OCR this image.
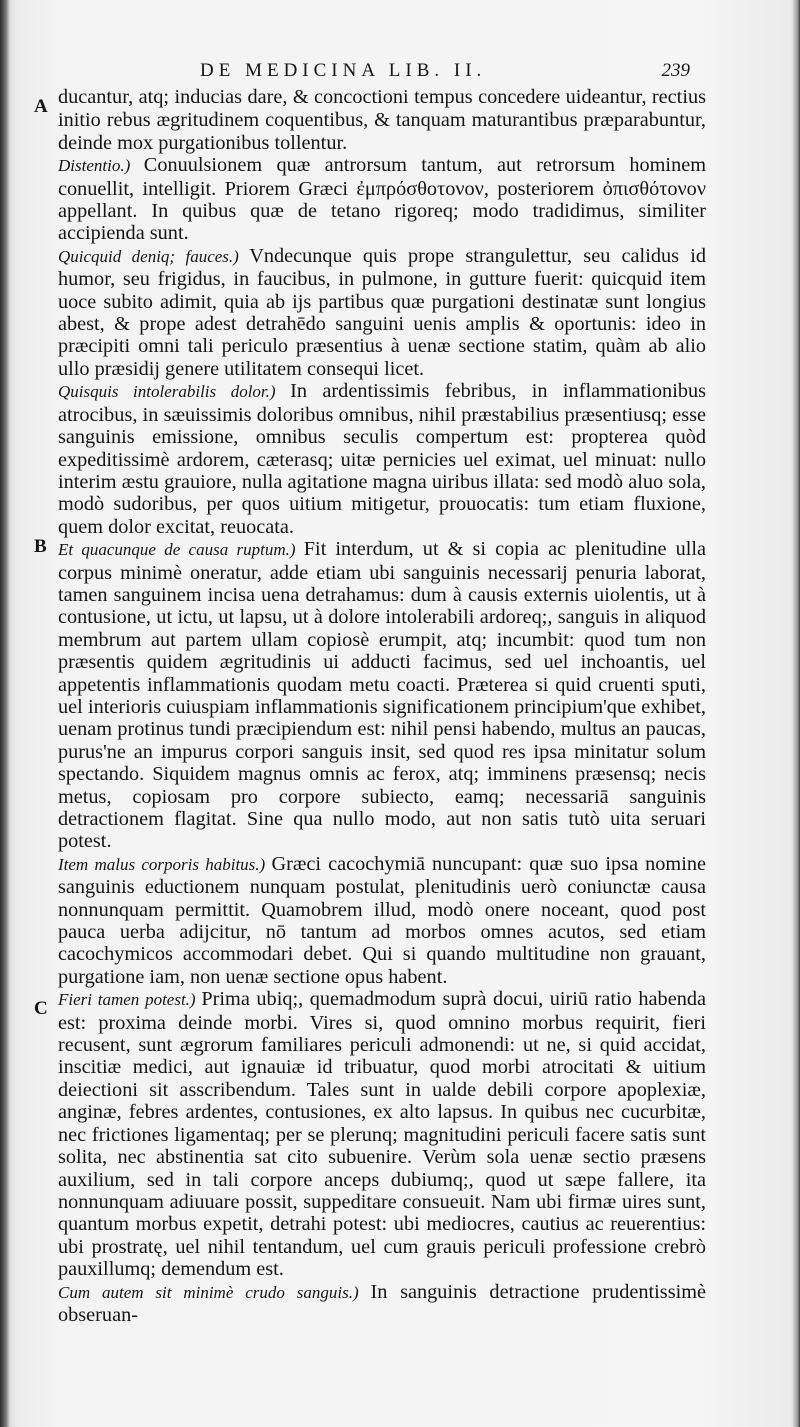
DE MEDICINA LIB. II.	239
A
B
C

ducantur, atq; inducias dare, & concoctioni tempus concedere uideantur, rectius initio rebus ægritudinem coquentibus, & tanquam maturantibus præparabuntur, deinde mox purgationibus tollentur.

Distentio.) Conuulsionem quæ antrorsum tantum, aut retrorsum hominem conuellit, intelligit. Priorem Græci ἐμπρόσθοτονον, posteriorem ὀπισθότονον appellant. In quibus quæ de tetano rigoreq; modo tradidimus, similiter accipienda sunt.

Quicquid deniq; fauces.) Vndecunque quis prope strangulettur, seu calidus id humor, seu frigidus, in faucibus, in pulmone, in gutture fuerit: quicquid item uoce subito adimit, quia ab ijs partibus quæ purgationi destinatæ sunt longius abest, & prope adest detrahēdo sanguini uenis amplis & oportunis: ideo in præcipiti omni tali periculo præsentius à uenæ sectione statim, quàm ab alio ullo præsidij genere utilitatem consequi licet.

Quisquis intolerabilis dolor.) In ardentissimis febribus, in inflammationibus atrocibus, in sæuissimis doloribus omnibus, nihil præstabilius præsentiusq; esse sanguinis emissione, omnibus seculis compertum est: propterea quòd expeditissimè ardorem, cæterasq; uitæ pernicies uel eximat, uel minuat: nullo interim æstu grauiore, nulla agitatione magna uiribus illata: sed modò aluo sola, modò sudoribus, per quos uitium mitigetur, prouocatis: tum etiam fluxione, quem dolor excitat, reuocata.

Et quacunque de causa ruptum.) Fit interdum, ut & si copia ac plenitudine ulla corpus minimè oneratur, adde etiam ubi sanguinis necessarij penuria laborat, tamen sanguinem incisa uena detrahamus: dum à causis externis uiolentis, ut à contusione, ut ictu, ut lapsu, ut à dolore intolerabili ardoreq;, sanguis in aliquod membrum aut partem ullam copiosè erumpit, atq; incumbit: quod tum non præsentis quidem ægritudinis ui adducti facimus, sed uel inchoantis, uel appetentis inflammationis quodam metu coacti. Præterea si quid cruenti sputi, uel interioris cuiuspiam inflammationis significationem principium'que exhibet, uenam protinus tundi præcipiendum est: nihil pensi habendo, multus an paucas, purus'ne an impurus corpori sanguis insit, sed quod res ipsa minitatur solum spectando. Siquidem magnus omnis ac ferox, atq; imminens præsensq; necis metus, copiosam pro corpore subiecto, eamq; necessariā sanguinis detractionem flagitat. Sine qua nullo modo, aut non satis tutò uita seruari potest.

Item malus corporis habitus.) Græci cacochymiā nuncupant: quæ suo ipsa nomine sanguinis eductionem nunquam postulat, plenitudinis uerò coniunctæ causa nonnunquam permittit. Quamobrem illud, modò onere nocеant, quod post pauca uerba adijcitur, nō tantum ad morbos omnes acutos, sed etiam cacochymicos accommodari debet. Qui si quando multitudine non grauant, purgatione iam, non uenæ sectione opus habent.

Fieri tamen potest.) Prima ubiq;, quemadmodum suprà docui, uiriū ratio habenda est: proxima deinde morbi. Vires si, quod omnino morbus requirit, fieri recusent, sunt ægrorum familiares periculi admonendi: ut ne, si quid accidat, inscitiæ medici, aut ignauiæ id tribuatur, quod morbi atrocitati & uitium deiectioni sit asscribendum. Tales sunt in ualde debili corpore apoplexiæ, anginæ, febres ardentes, contusiones, ex alto lapsus. In quibus nec cucurbitæ, nec frictiones ligamentaq; per se plerunq; magnitudini periculi facere satis sunt solita, nec abstinentia sat cito subuenire. Verùm sola uenæ sectio præsens auxilium, sed in tali corpore anceps dubiumq;, quod ut sæpe fallere, ita nonnunquam adiuuare possit, suppeditare consueuit. Nam ubi firmæ uires sunt, quantum morbus expetit, detrahi potest: ubi mediocres, cautius ac reuerentius: ubi prostratę, uel nihil tentandum, uel cum grauis periculi professione crebrò pauxillumq; demendum est.

Cum autem sit minimè crudo sanguis.) In sanguinis detractione prudentissimè obseruan-
